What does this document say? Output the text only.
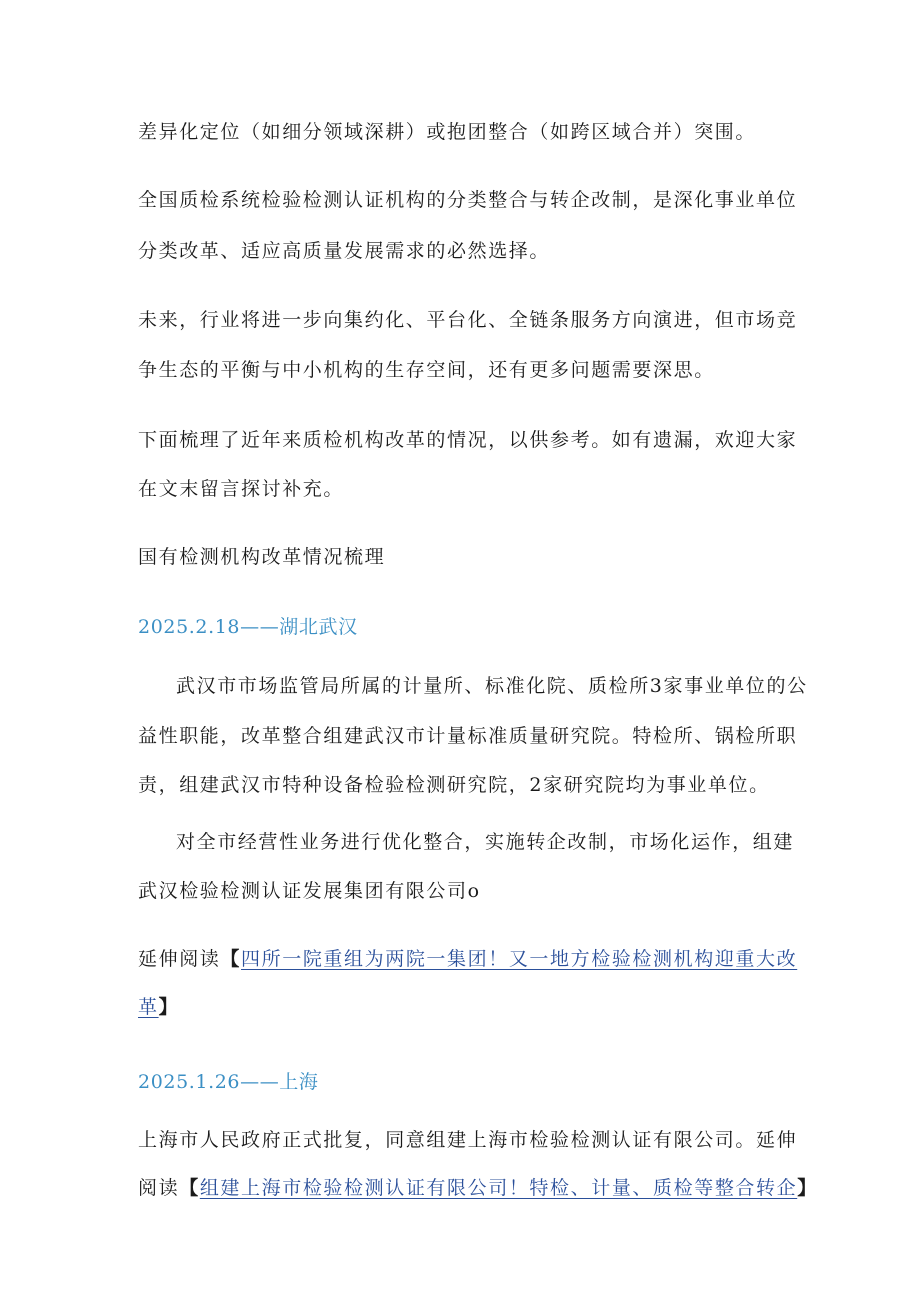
差异化定位（如细分领域深耕）或抱团整合（如跨区域合并）突围。
全国质检系统检验检测认证机构的分类整合与转企改制，是深化事业单位
分类改革、适应高质量发展需求的必然选择。
未来，行业将进一步向集约化、平台化、全链条服务方向演进，但市场竞
争生态的平衡与中小机构的生存空间，还有更多问题需要深思。
下面梳理了近年来质检机构改革的情况，以供参考。如有遗漏，欢迎大家
在文末留言探讨补充。
国有检测机构改革情况梳理
2025.2.18——湖北武汉
武汉市市场监管局所属的计量所、标准化院、质检所3家事业单位的公
益性职能，改革整合组建武汉市计量标准质量研究院。特检所、锅检所职
责，组建武汉市特种设备检验检测研究院，2家研究院均为事业单位。
对全市经营性业务进行优化整合，实施转企改制，市场化运作，组建
武汉检验检测认证发展集团有限公司o
延伸阅读【四所一院重组为两院一集团！又一地方检验检测机构迎重大改
革】
2025.1.26——上海
上海市人民政府正式批复，同意组建上海市检验检测认证有限公司。延伸
阅读【组建上海市检验检测认证有限公司！特检、计量、质检等整合转企】
